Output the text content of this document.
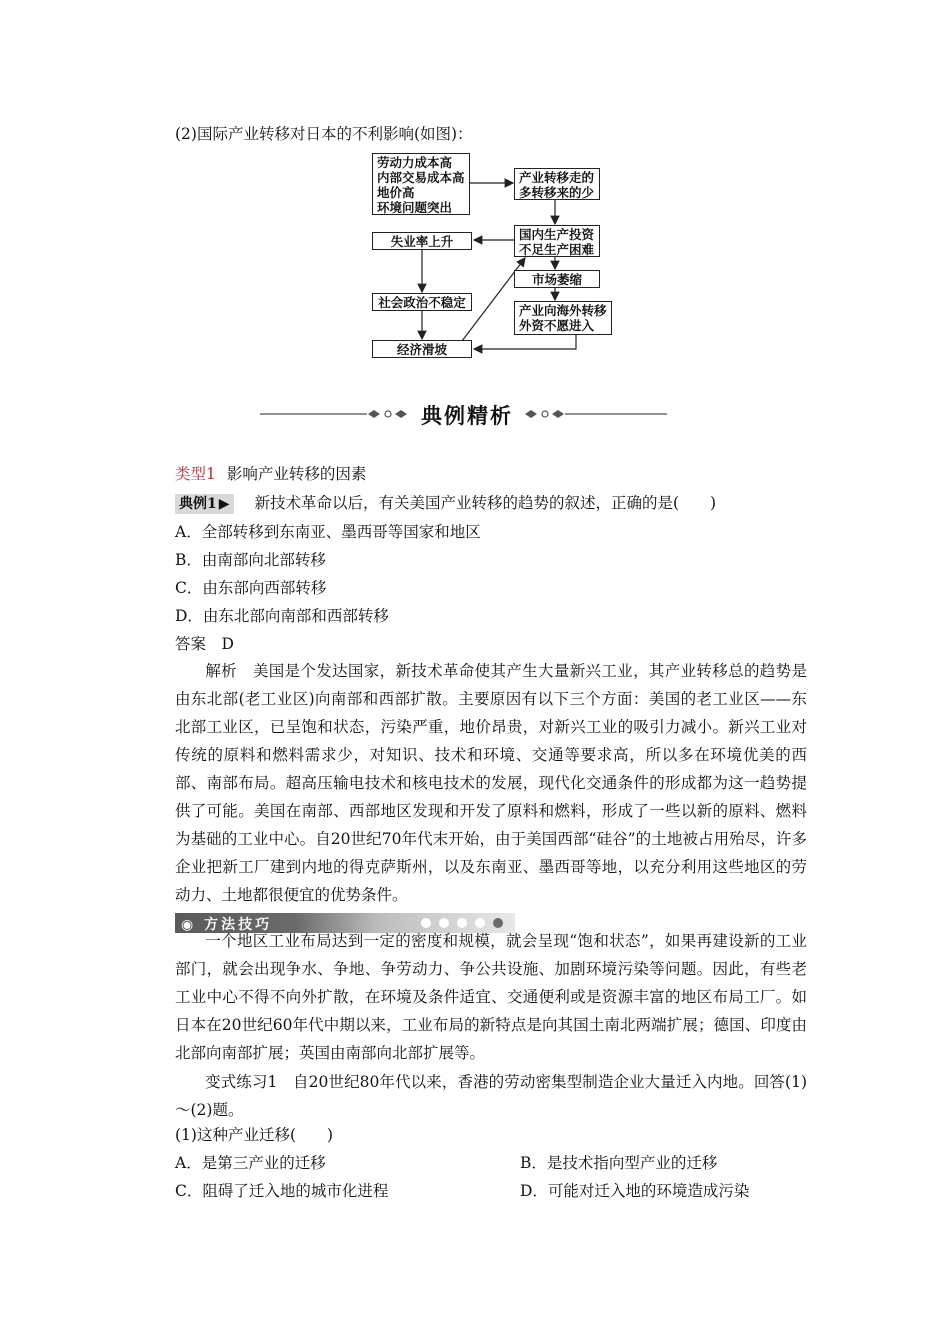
(2)国际产业转移对日本的不利影响(如图)：
劳动力成本高
内部交易成本高
地价高
环境问题突出
产业转移走的
多转移来的少
国内生产投资
不足生产困难
失业率上升
市场萎缩
社会政治不稳定
产业向海外转移
外资不愿进入
经济滑坡
典例精析
类型1 影响产业转移的因素
典例1 ▶ 新技术革命以后，有关美国产业转移的趋势的叙述，正确的是(　　)
A．全部转移到东南亚、墨西哥等国家和地区
B．由南部向北部转移
C．由东部向西部转移
D．由东北部向南部和西部转移
答案　D
解析　美国是个发达国家，新技术革命使其产生大量新兴工业，其产业转移总的趋势是由东北部(老工业区)向南部和西部扩散。主要原因有以下三个方面：美国的老工业区——东北部工业区，已呈饱和状态，污染严重，地价昂贵，对新兴工业的吸引力减小。新兴工业对传统的原料和燃料需求少，对知识、技术和环境、交通等要求高，所以多在环境优美的西部、南部布局。超高压输电技术和核电技术的发展，现代化交通条件的形成都为这一趋势提供了可能。美国在南部、西部地区发现和开发了原料和燃料，形成了一些以新的原料、燃料为基础的工业中心。自20世纪70年代末开始，由于美国西部“硅谷”的土地被占用殆尽，许多企业把新工厂建到内地的得克萨斯州，以及东南亚、墨西哥等地，以充分利用这些地区的劳动力、土地都很便宜的优势条件。
◉ 方法技巧
一个地区工业布局达到一定的密度和规模，就会呈现“饱和状态”，如果再建设新的工业部门，就会出现争水、争地、争劳动力、争公共设施、加剧环境污染等问题。因此，有些老工业中心不得不向外扩散，在环境及条件适宜、交通便利或是资源丰富的地区布局工厂。如日本在20世纪60年代中期以来，工业布局的新特点是向其国土南北两端扩展；德国、印度由北部向南部扩展；英国由南部向北部扩展等。
变式练习1　自20世纪80年代以来，香港的劳动密集型制造企业大量迁入内地。回答(1)～(2)题。
(1)这种产业迁移(　　)
A．是第三产业的迁移	B．是技术指向型产业的迁移
C．阻碍了迁入地的城市化进程	D．可能对迁入地的环境造成污染
